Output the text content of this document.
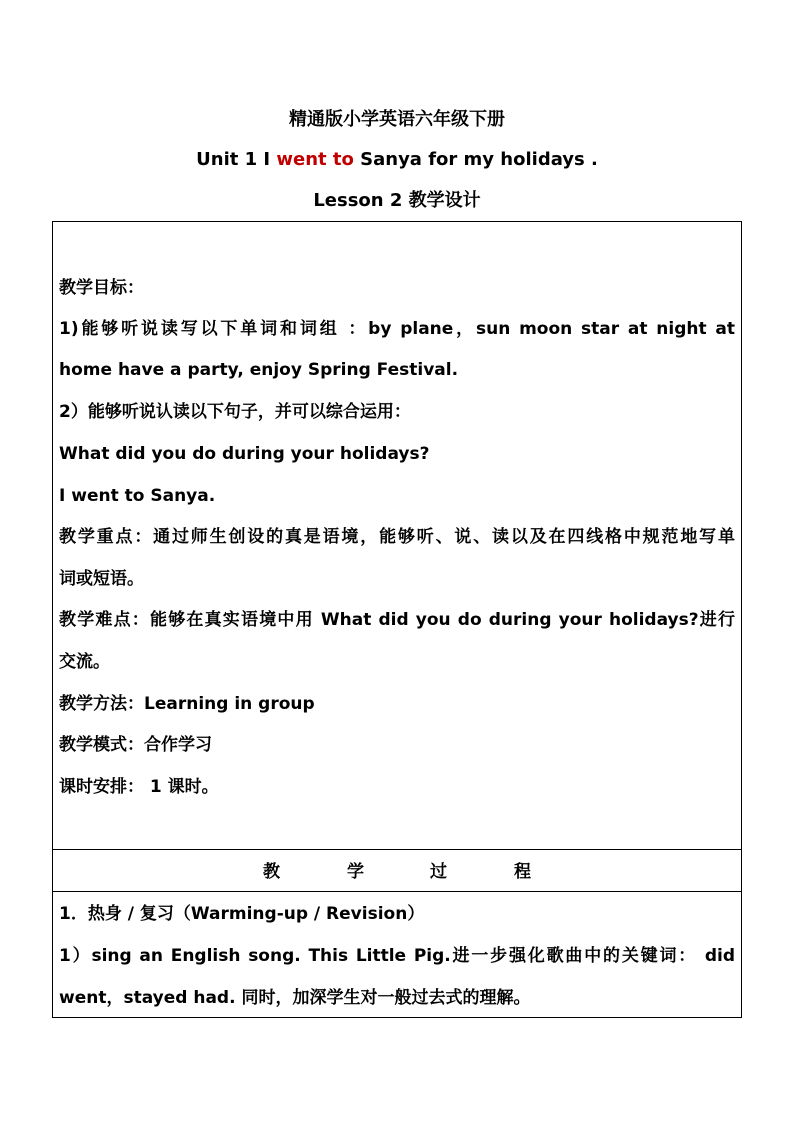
精通版小学英语六年级下册
Unit 1 I went to Sanya for my holidays .
Lesson 2 教学设计
教学目标：
1)能够听说读写以下单词和词组 ：by plane，sun moon star at night at
home have a party, enjoy Spring Festival.
2）能够听说认读以下句子，并可以综合运用：
What did you do during your holidays?
I went to Sanya.
教学重点：通过师生创设的真是语境，能够听、说、读以及在四线格中规范地写单
词或短语。
教学难点：能够在真实语境中用 What did you do during your holidays?进行
交流。
教学方法：Learning in group
教学模式：合作学习
课时安排： 1 课时。
教	学	过	程
1．热身 / 复习（Warming-up / Revision）
1）sing an English song. This Little Pig.进一步强化歌曲中的关键词： did
went，stayed had. 同时，加深学生对一般过去式的理解。
